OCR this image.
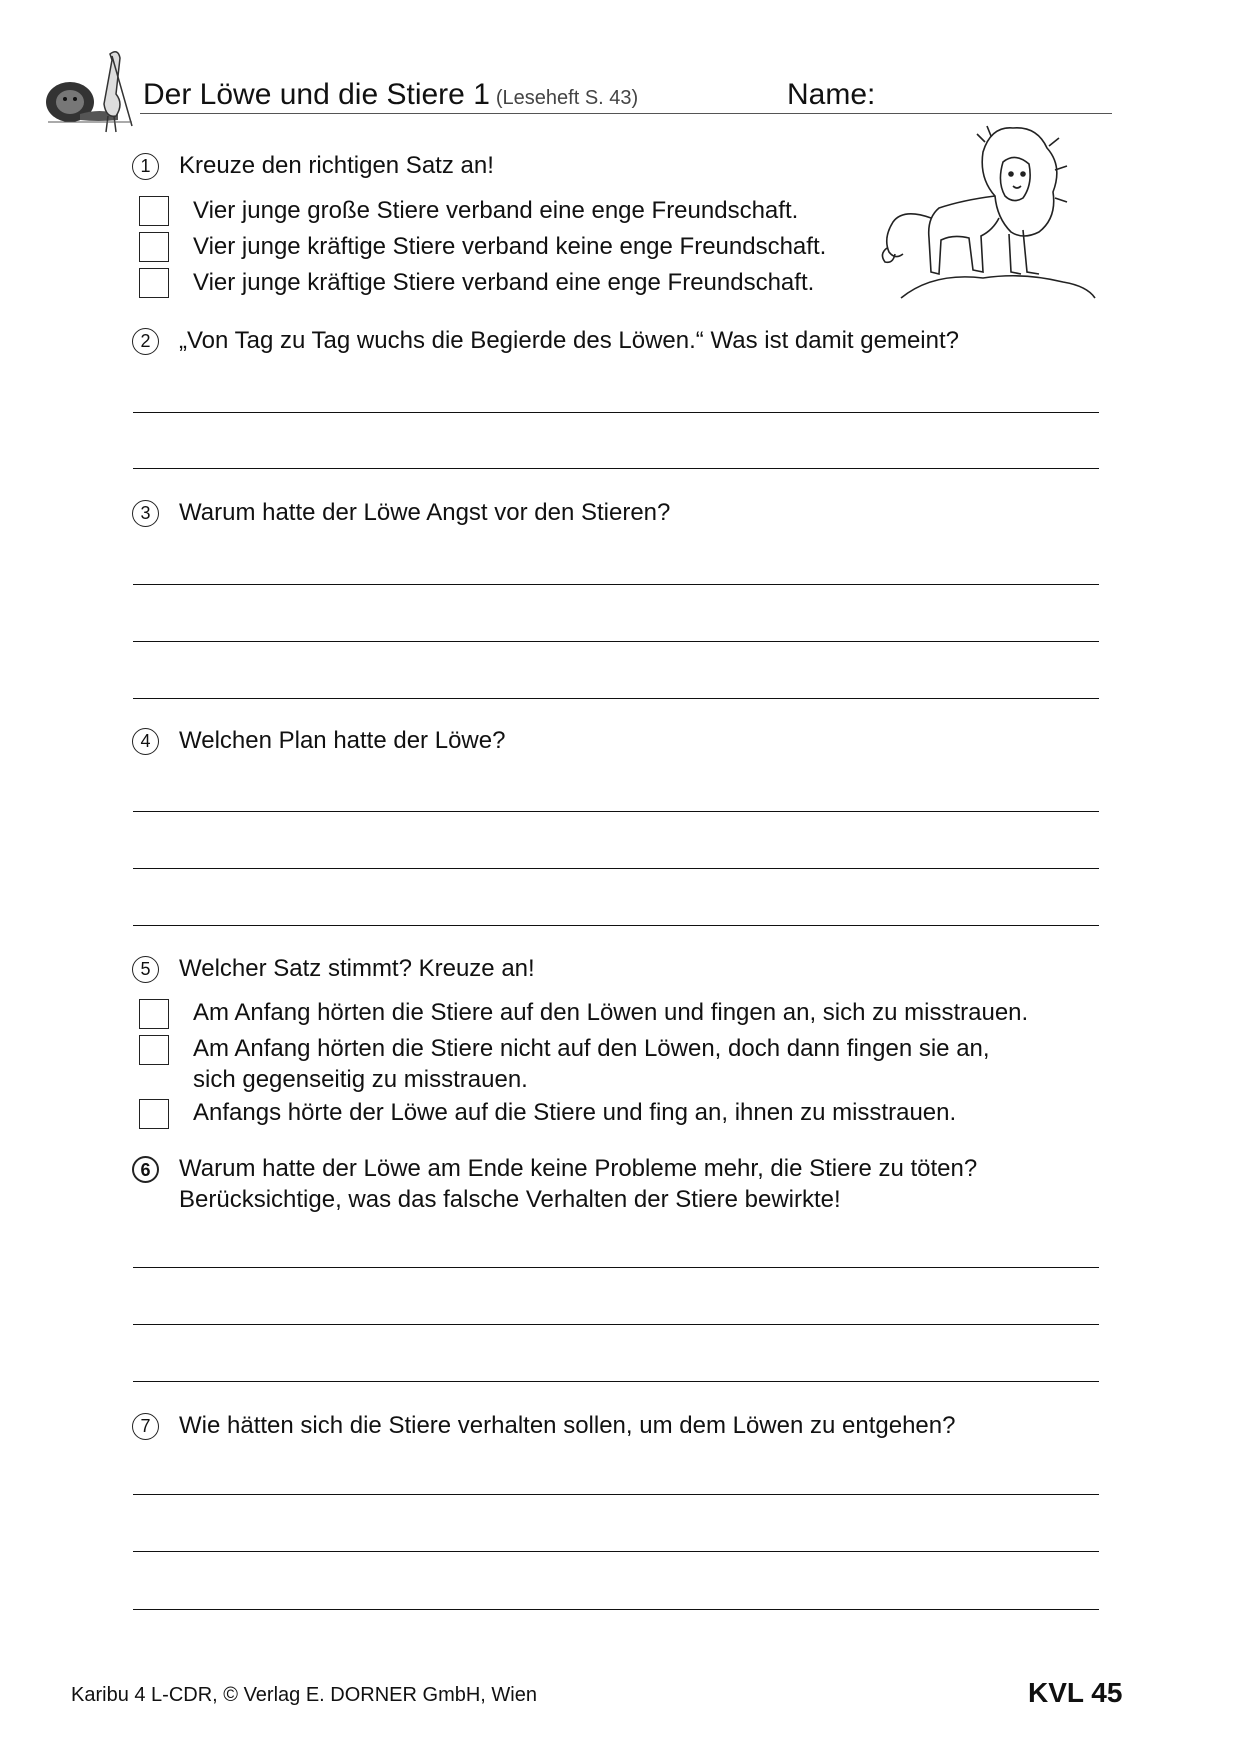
Der Löwe und die Stiere 1 (Leseheft S. 43)	Name:
1	Kreuze den richtigen Satz an!
Vier junge große Stiere verband eine enge Freundschaft.
Vier junge kräftige Stiere verband keine enge Freundschaft.
Vier junge kräftige Stiere verband eine enge Freundschaft.
2	„Von Tag zu Tag wuchs die Begierde des Löwen.“ Was ist damit gemeint?
3	Warum hatte der Löwe Angst vor den Stieren?
4	Welchen Plan hatte der Löwe?
5	Welcher Satz stimmt? Kreuze an!
Am Anfang hörten die Stiere auf den Löwen und fingen an, sich zu misstrauen.
Am Anfang hörten die Stiere nicht auf den Löwen, doch dann fingen sie an,
sich gegenseitig zu misstrauen.
Anfangs hörte der Löwe auf die Stiere und fing an, ihnen zu misstrauen.
6	Warum hatte der Löwe am Ende keine Probleme mehr, die Stiere zu töten?
Berücksichtige, was das falsche Verhalten der Stiere bewirkte!
7	Wie hätten sich die Stiere verhalten sollen, um dem Löwen zu entgehen?
Karibu 4 L-CDR, © Verlag E. DORNER GmbH, Wien	KVL 45
